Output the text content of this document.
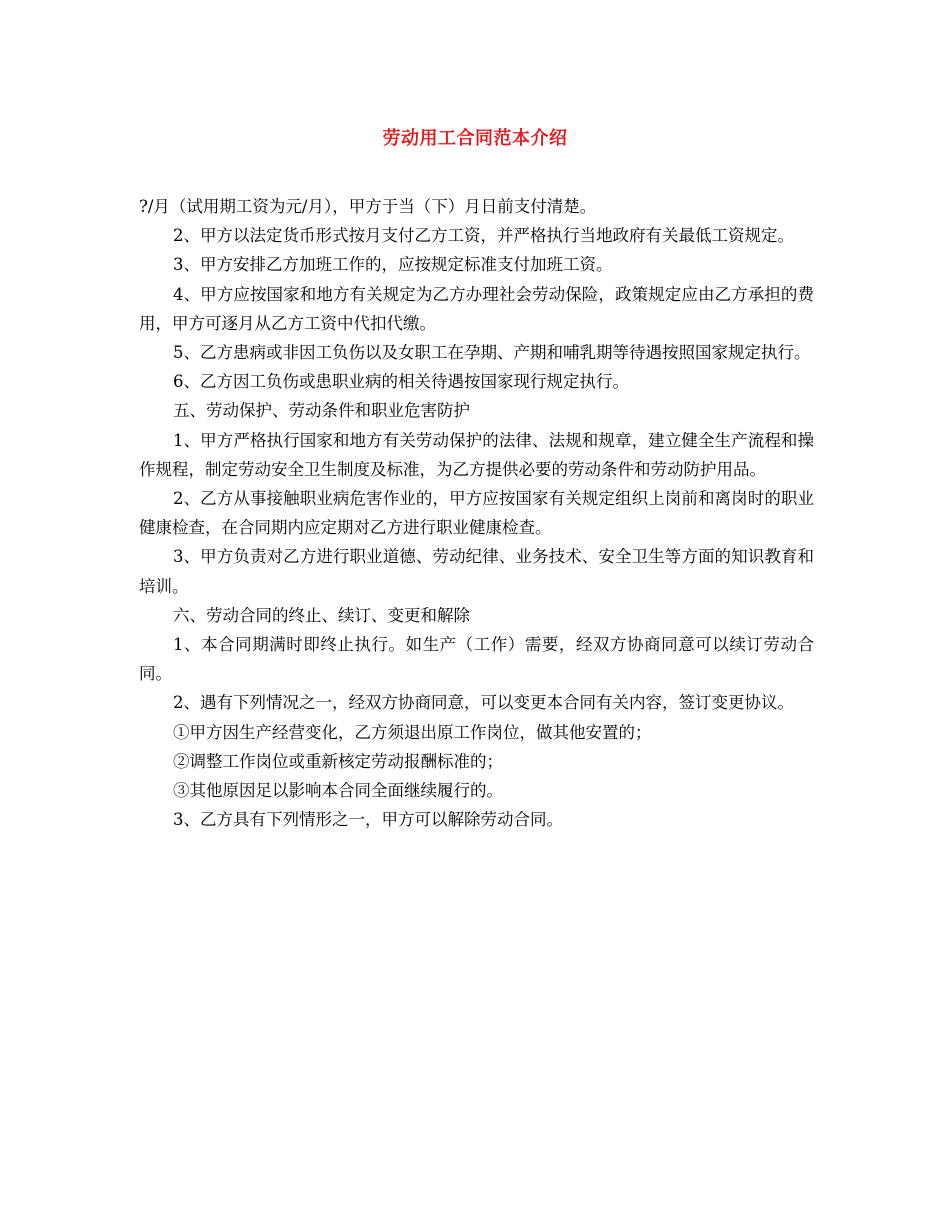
劳动用工合同范本介绍

?/月（试用期工资为元/月），甲方于当（下）月日前支付清楚。

2、甲方以法定货币形式按月支付乙方工资，并严格执行当地政府有关最低工资规定。

3、甲方安排乙方加班工作的，应按规定标准支付加班工资。

4、甲方应按国家和地方有关规定为乙方办理社会劳动保险，政策规定应由乙方承担的费用，甲方可逐月从乙方工资中代扣代缴。

5、乙方患病或非因工负伤以及女职工在孕期、产期和哺乳期等待遇按照国家规定执行。

6、乙方因工负伤或患职业病的相关待遇按国家现行规定执行。

五、劳动保护、劳动条件和职业危害防护

1、甲方严格执行国家和地方有关劳动保护的法律、法规和规章，建立健全生产流程和操作规程，制定劳动安全卫生制度及标准，为乙方提供必要的劳动条件和劳动防护用品。

2、乙方从事接触职业病危害作业的，甲方应按国家有关规定组织上岗前和离岗时的职业健康检查，在合同期内应定期对乙方进行职业健康检查。

3、甲方负责对乙方进行职业道德、劳动纪律、业务技术、安全卫生等方面的知识教育和培训。

六、劳动合同的终止、续订、变更和解除

1、本合同期满时即终止执行。如生产（工作）需要，经双方协商同意可以续订劳动合同。

2、遇有下列情况之一，经双方协商同意，可以变更本合同有关内容，签订变更协议。

①甲方因生产经营变化，乙方须退出原工作岗位，做其他安置的；

②调整工作岗位或重新核定劳动报酬标准的；

③其他原因足以影响本合同全面继续履行的。

3、乙方具有下列情形之一，甲方可以解除劳动合同。
